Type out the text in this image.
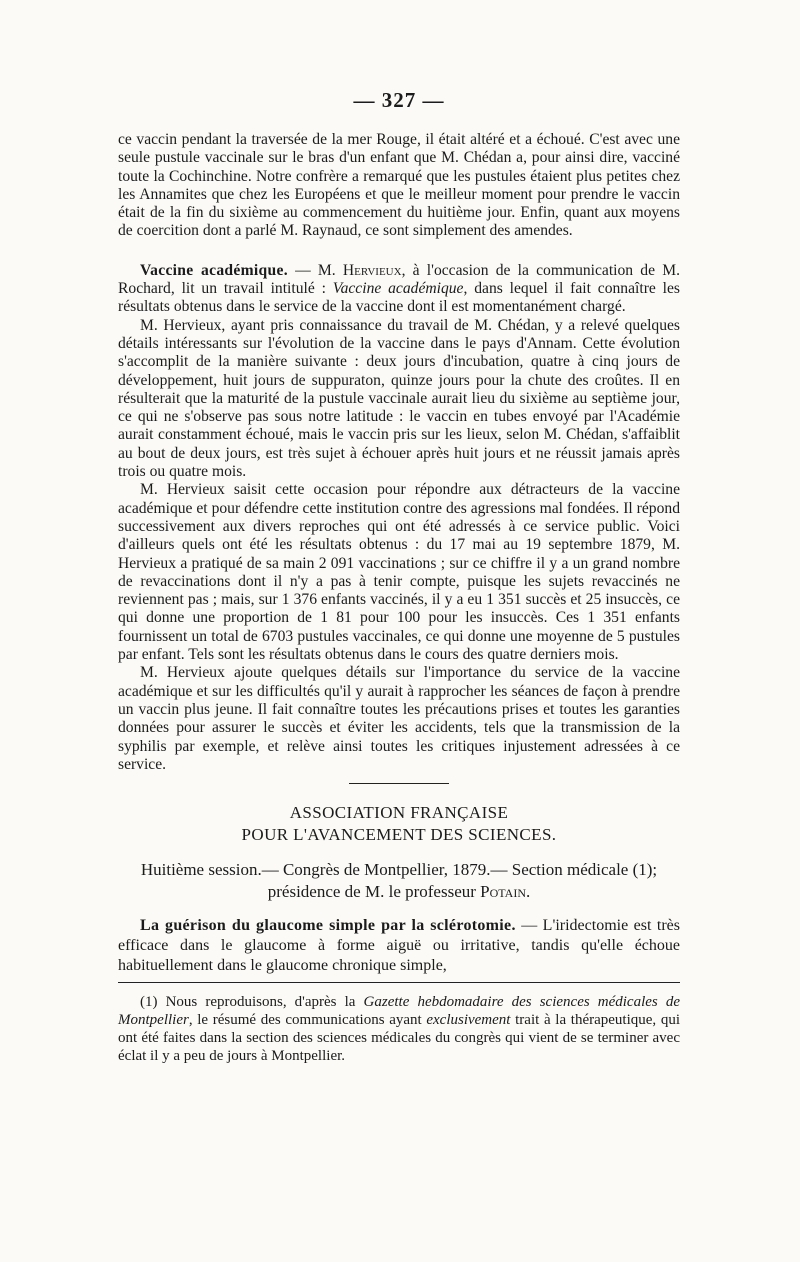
— 327 —

ce vaccin pendant la traversée de la mer Rouge, il était altéré et a échoué. C'est avec une seule pustule vaccinale sur le bras d'un enfant que M. Chédan a, pour ainsi dire, vacciné toute la Cochinchine. Notre confrère a remarqué que les pustules étaient plus petites chez les Annamites que chez les Européens et que le meilleur moment pour prendre le vaccin était de la fin du sixième au commencement du huitième jour. Enfin, quant aux moyens de coercition dont a parlé M. Raynaud, ce sont simplement des amendes.

Vaccine académique. — M. Hervieux, à l'occasion de la communication de M. Rochard, lit un travail intitulé : Vaccine académique, dans lequel il fait connaître les résultats obtenus dans le service de la vaccine dont il est momentanément chargé.

M. Hervieux, ayant pris connaissance du travail de M. Chédan, y a relevé quelques détails intéressants sur l'évolution de la vaccine dans le pays d'Annam. Cette évolution s'accomplit de la manière suivante : deux jours d'incubation, quatre à cinq jours de développement, huit jours de suppuraton, quinze jours pour la chute des croûtes. Il en résulterait que la maturité de la pustule vaccinale aurait lieu du sixième au septième jour, ce qui ne s'observe pas sous notre latitude : le vaccin en tubes envoyé par l'Académie aurait constamment échoué, mais le vaccin pris sur les lieux, selon M. Chédan, s'affaiblit au bout de deux jours, est très sujet à échouer après huit jours et ne réussit jamais après trois ou quatre mois.

M. Hervieux saisit cette occasion pour répondre aux détracteurs de la vaccine académique et pour défendre cette institution contre des agressions mal fondées. Il répond successivement aux divers reproches qui ont été adressés à ce service public. Voici d'ailleurs quels ont été les résultats obtenus : du 17 mai au 19 septembre 1879, M. Hervieux a pratiqué de sa main 2 091 vaccinations ; sur ce chiffre il y a un grand nombre de revaccinations dont il n'y a pas à tenir compte, puisque les sujets revaccinés ne reviennent pas ; mais, sur 1 376 enfants vaccinés, il y a eu 1 351 succès et 25 insuccès, ce qui donne une proportion de 1 81 pour 100 pour les insuccès. Ces 1 351 enfants fournissent un total de 6703 pustules vaccinales, ce qui donne une moyenne de 5 pustules par enfant. Tels sont les résultats obtenus dans le cours des quatre derniers mois.

M. Hervieux ajoute quelques détails sur l'importance du service de la vaccine académique et sur les difficultés qu'il y aurait à rapprocher les séances de façon à prendre un vaccin plus jeune. Il fait connaître toutes les précautions prises et toutes les garanties données pour assurer le succès et éviter les accidents, tels que la transmission de la syphilis par exemple, et relève ainsi toutes les critiques injustement adressées à ce service.

ASSOCIATION FRANÇAISE
POUR L'AVANCEMENT DES SCIENCES.
Huitième session.— Congrès de Montpellier, 1879.— Section médicale (1); présidence de M. le professeur Potain.

La guérison du glaucome simple par la sclérotomie. — L'iridectomie est très efficace dans le glaucome à forme aiguë ou irritative, tandis qu'elle échoue habituellement dans le glaucome chronique simple,

(1) Nous reproduisons, d'après la Gazette hebdomadaire des sciences médicales de Montpellier, le résumé des communications ayant exclusivement trait à la thérapeutique, qui ont été faites dans la section des sciences médicales du congrès qui vient de se terminer avec éclat il y a peu de jours à Montpellier.
